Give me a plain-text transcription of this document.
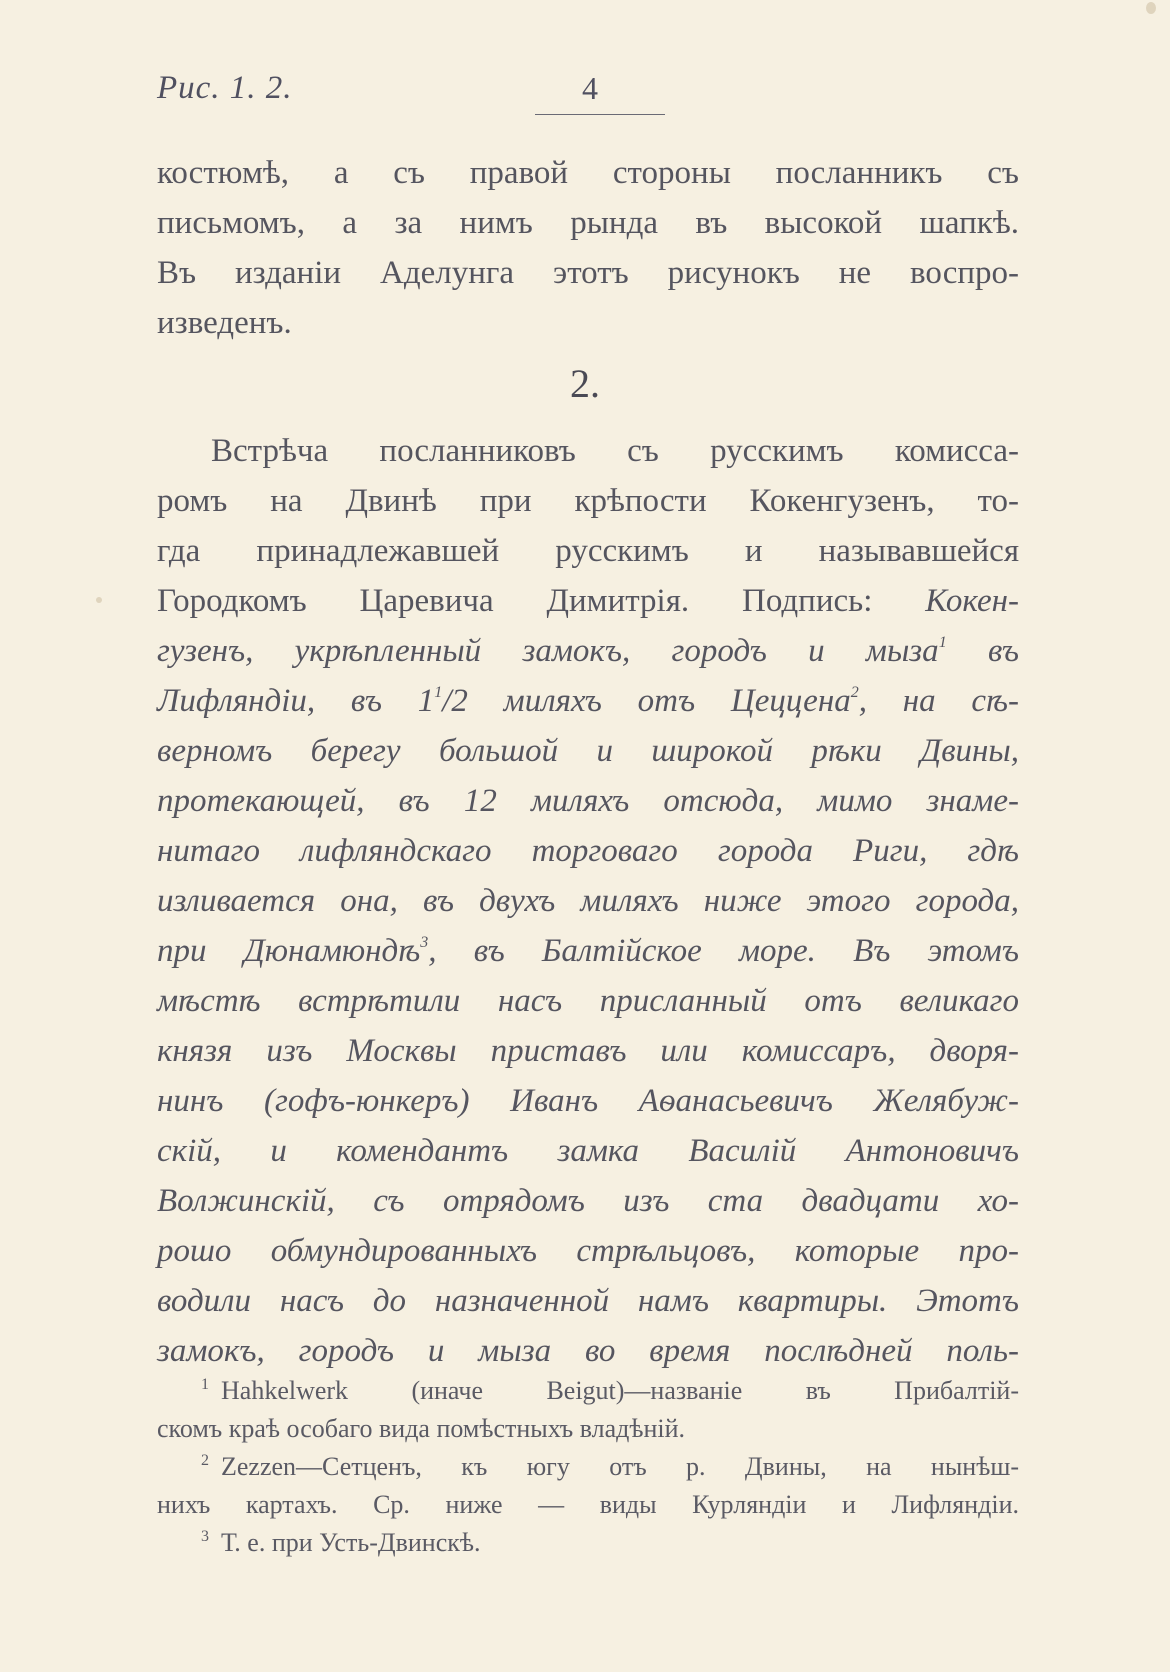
Рис. 1. 2.	4
костюмѣ, а съ правой стороны посланникъ съ
письмомъ, а за нимъ рында въ высокой шапкѣ.
Въ изданіи Аделунга этотъ рисунокъ не воспро-
изведенъ.
2.
Встрѣча посланниковъ съ русскимъ комисса-
ромъ на Двинѣ при крѣпости Кокенгузенъ, то-
гда принадлежавшей русскимъ и называвшейся
Городкомъ Царевича Димитрія. Подпись: Кокен-
гузенъ, укрѣпленный замокъ, городъ и мыза$^1$ въ
Лифляндіи, въ $1^1/2$ миляхъ отъ Цеццена$^2$, на сѣ-
верномъ берегу большой и широкой рѣки Двины,
протекающей, въ 12 миляхъ отсюда, мимо знаме-
нитаго лифляндскаго торговаго города Риги, гдѣ
изливается она, въ двухъ миляхъ ниже этого города,
при Дюнамюндѣ$^3$, въ Балтійское море. Въ этомъ
мѣстѣ встрѣтили насъ присланный отъ великаго
князя изъ Москвы приставъ или комиссаръ, дворя-
нинъ (гофъ-юнкеръ) Иванъ Аѳанасьевичъ Желябуж-
скій, и комендантъ замка Василій Антоновичъ
Волжинскій, съ отрядомъ изъ ста двадцати хо-
рошо обмундированныхъ стрѣльцовъ, которые про-
водили насъ до назначенной намъ квартиры. Этотъ
замокъ, городъ и мыза во время послѣдней поль-
$^1$ Hahkelwerk (иначе Beigut)—названіе въ Прибалтій-
скомъ краѣ особаго вида помѣстныхъ владѣній.
$^2$ Zezzen—Сетценъ, къ югу отъ р. Двины, на нынѣш-
нихъ картахъ. Ср. ниже — виды Курляндіи и Лифляндіи.
$^3$ Т. е. при Усть-Двинскѣ.
